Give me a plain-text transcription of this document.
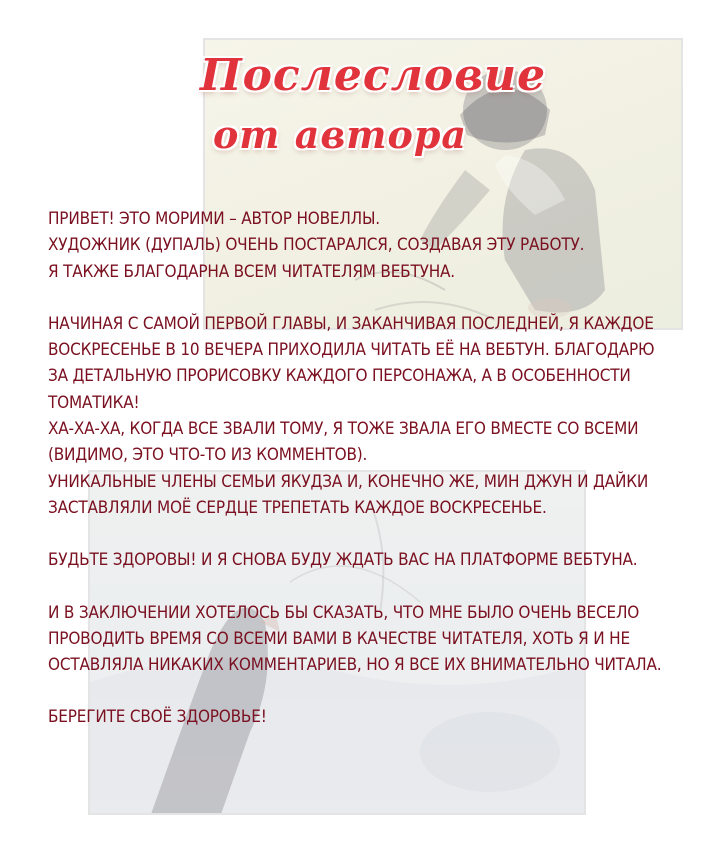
Послесловие
от автора

ПРИВЕТ! ЭТО МОРИМИ – АВТОР НОВЕЛЛЫ.

ХУДОЖНИК (ДУПАЛЬ) ОЧЕНЬ ПОСТАРАЛСЯ, СОЗДАВАЯ ЭТУ РАБОТУ.

Я ТАКЖЕ БЛАГОДАРНА ВСЕМ ЧИТАТЕЛЯМ ВЕБТУНА.

НАЧИНАЯ С САМОЙ ПЕРВОЙ ГЛАВЫ, И ЗАКАНЧИВАЯ ПОСЛЕДНЕЙ, Я КАЖДОЕ

ВОСКРЕСЕНЬЕ В 10 ВЕЧЕРА ПРИХОДИЛА ЧИТАТЬ ЕЁ НА ВЕБТУН. БЛАГОДАРЮ

ЗА ДЕТАЛЬНУЮ ПРОРИСОВКУ КАЖДОГО ПЕРСОНАЖА, А В ОСОБЕННОСТИ

ТОМАТИКА!

ХА-ХА-ХА, КОГДА ВСЕ ЗВАЛИ ТОМУ, Я ТОЖЕ ЗВАЛА ЕГО ВМЕСТЕ СО ВСЕМИ

(ВИДИМО, ЭТО ЧТО-ТО ИЗ КОММЕНТОВ).

УНИКАЛЬНЫЕ ЧЛЕНЫ СЕМЬИ ЯКУДЗА И, КОНЕЧНО ЖЕ, МИН ДЖУН И ДАЙКИ

ЗАСТАВЛЯЛИ МОЁ СЕРДЦЕ ТРЕПЕТАТЬ КАЖДОЕ ВОСКРЕСЕНЬЕ.

БУДЬТЕ ЗДОРОВЫ! И Я СНОВА БУДУ ЖДАТЬ ВАС НА ПЛАТФОРМЕ ВЕБТУНА.

И В ЗАКЛЮЧЕНИИ ХОТЕЛОСЬ БЫ СКАЗАТЬ, ЧТО МНЕ БЫЛО ОЧЕНЬ ВЕСЕЛО

ПРОВОДИТЬ ВРЕМЯ СО ВСЕМИ ВАМИ В КАЧЕСТВЕ ЧИТАТЕЛЯ, ХОТЬ Я И НЕ

ОСТАВЛЯЛА НИКАКИХ КОММЕНТАРИЕВ, НО Я ВСЕ ИХ ВНИМАТЕЛЬНО ЧИТАЛА.

БЕРЕГИТЕ СВОЁ ЗДОРОВЬЕ!
